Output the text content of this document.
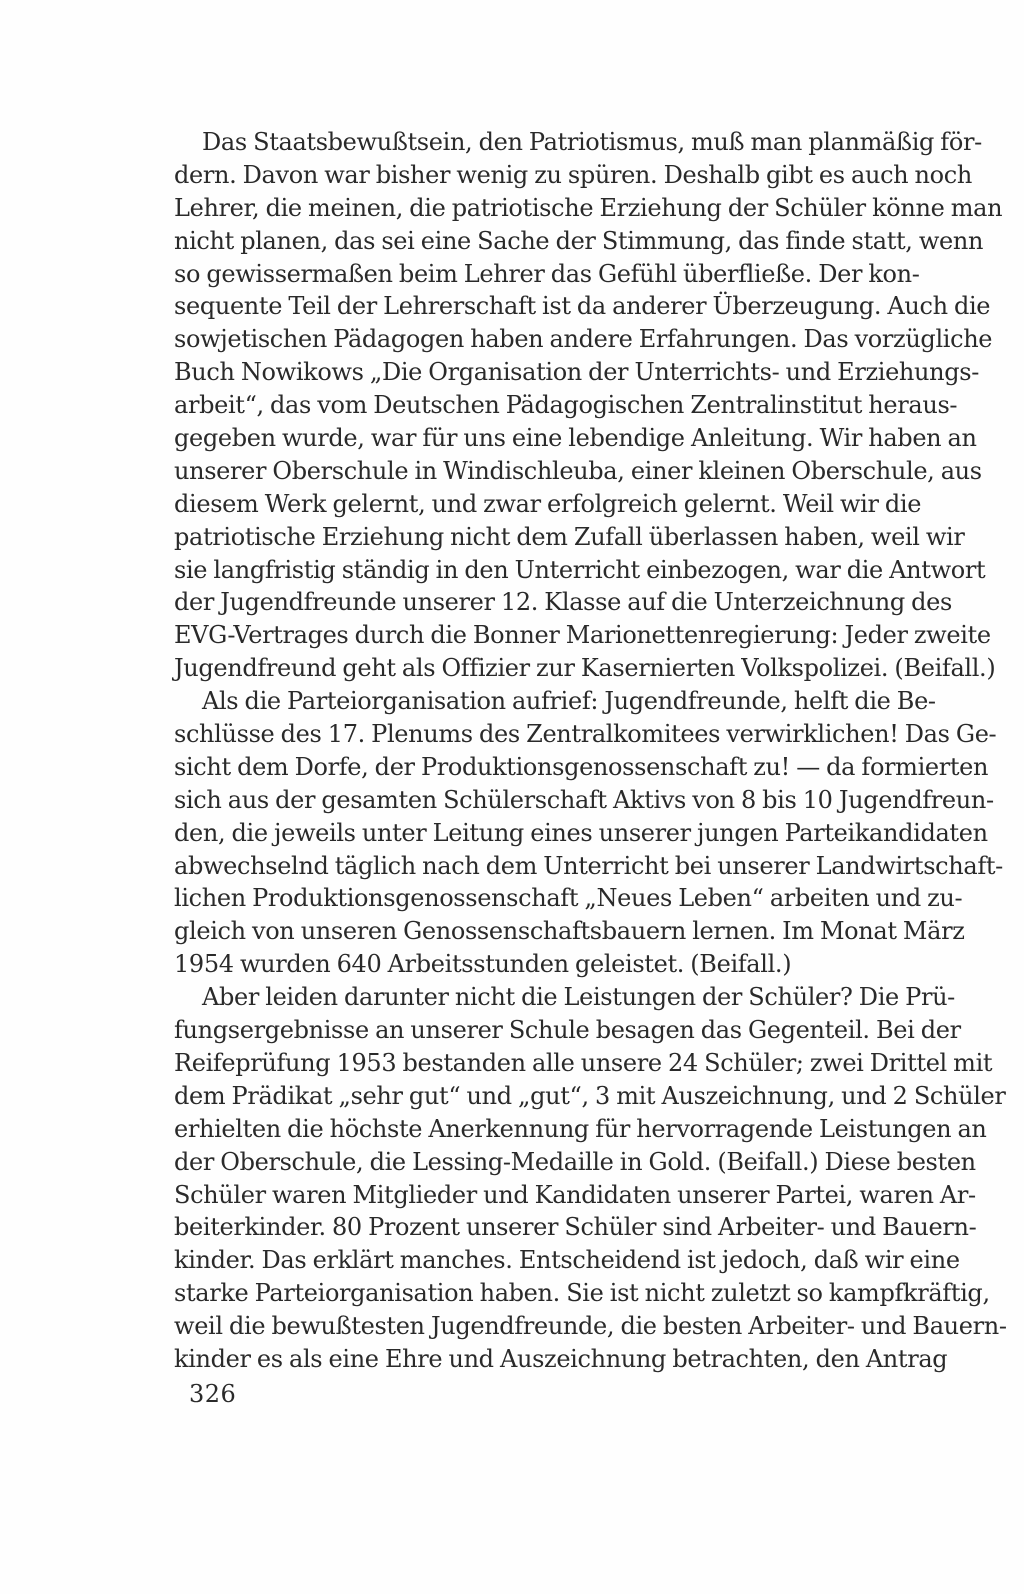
Das Staatsbewußtsein, den Patriotismus, muß man planmäßig för-
dern. Davon war bisher wenig zu spüren. Deshalb gibt es auch noch
Lehrer, die meinen, die patriotische Erziehung der Schüler könne man
nicht planen, das sei eine Sache der Stimmung, das finde statt, wenn
so gewissermaßen beim Lehrer das Gefühl überfließe. Der kon-
sequente Teil der Lehrerschaft ist da anderer Überzeugung. Auch die
sowjetischen Pädagogen haben andere Erfahrungen. Das vorzügliche
Buch Nowikows „Die Organisation der Unterrichts- und Erziehungs-
arbeit“, das vom Deutschen Pädagogischen Zentralinstitut heraus-
gegeben wurde, war für uns eine lebendige Anleitung. Wir haben an
unserer Oberschule in Windischleuba, einer kleinen Oberschule, aus
diesem Werk gelernt, und zwar erfolgreich gelernt. Weil wir die
patriotische Erziehung nicht dem Zufall überlassen haben, weil wir
sie langfristig ständig in den Unterricht einbezogen, war die Antwort
der Jugendfreunde unserer 12. Klasse auf die Unterzeichnung des
EVG-Vertrages durch die Bonner Marionettenregierung: Jeder zweite
Jugendfreund geht als Offizier zur Kasernierten Volkspolizei. (Beifall.)
Als die Parteiorganisation aufrief: Jugendfreunde, helft die Be-
schlüsse des 17. Plenums des Zentralkomitees verwirklichen! Das Ge-
sicht dem Dorfe, der Produktionsgenossenschaft zu! — da formierten
sich aus der gesamten Schülerschaft Aktivs von 8 bis 10 Jugendfreun-
den, die jeweils unter Leitung eines unserer jungen Parteikandidaten
abwechselnd täglich nach dem Unterricht bei unserer Landwirtschaft-
lichen Produktionsgenossenschaft „Neues Leben“ arbeiten und zu-
gleich von unseren Genossenschaftsbauern lernen. Im Monat März
1954 wurden 640 Arbeitsstunden geleistet. (Beifall.)
Aber leiden darunter nicht die Leistungen der Schüler? Die Prü-
fungsergebnisse an unserer Schule besagen das Gegenteil. Bei der
Reifeprüfung 1953 bestanden alle unsere 24 Schüler; zwei Drittel mit
dem Prädikat „sehr gut“ und „gut“, 3 mit Auszeichnung, und 2 Schüler
erhielten die höchste Anerkennung für hervorragende Leistungen an
der Oberschule, die Lessing-Medaille in Gold. (Beifall.) Diese besten
Schüler waren Mitglieder und Kandidaten unserer Partei, waren Ar-
beiterkinder. 80 Prozent unserer Schüler sind Arbeiter- und Bauern-
kinder. Das erklärt manches. Entscheidend ist jedoch, daß wir eine
starke Parteiorganisation haben. Sie ist nicht zuletzt so kampfkräftig,
weil die bewußtesten Jugendfreunde, die besten Arbeiter- und Bauern-
kinder es als eine Ehre und Auszeichnung betrachten, den Antrag
326
